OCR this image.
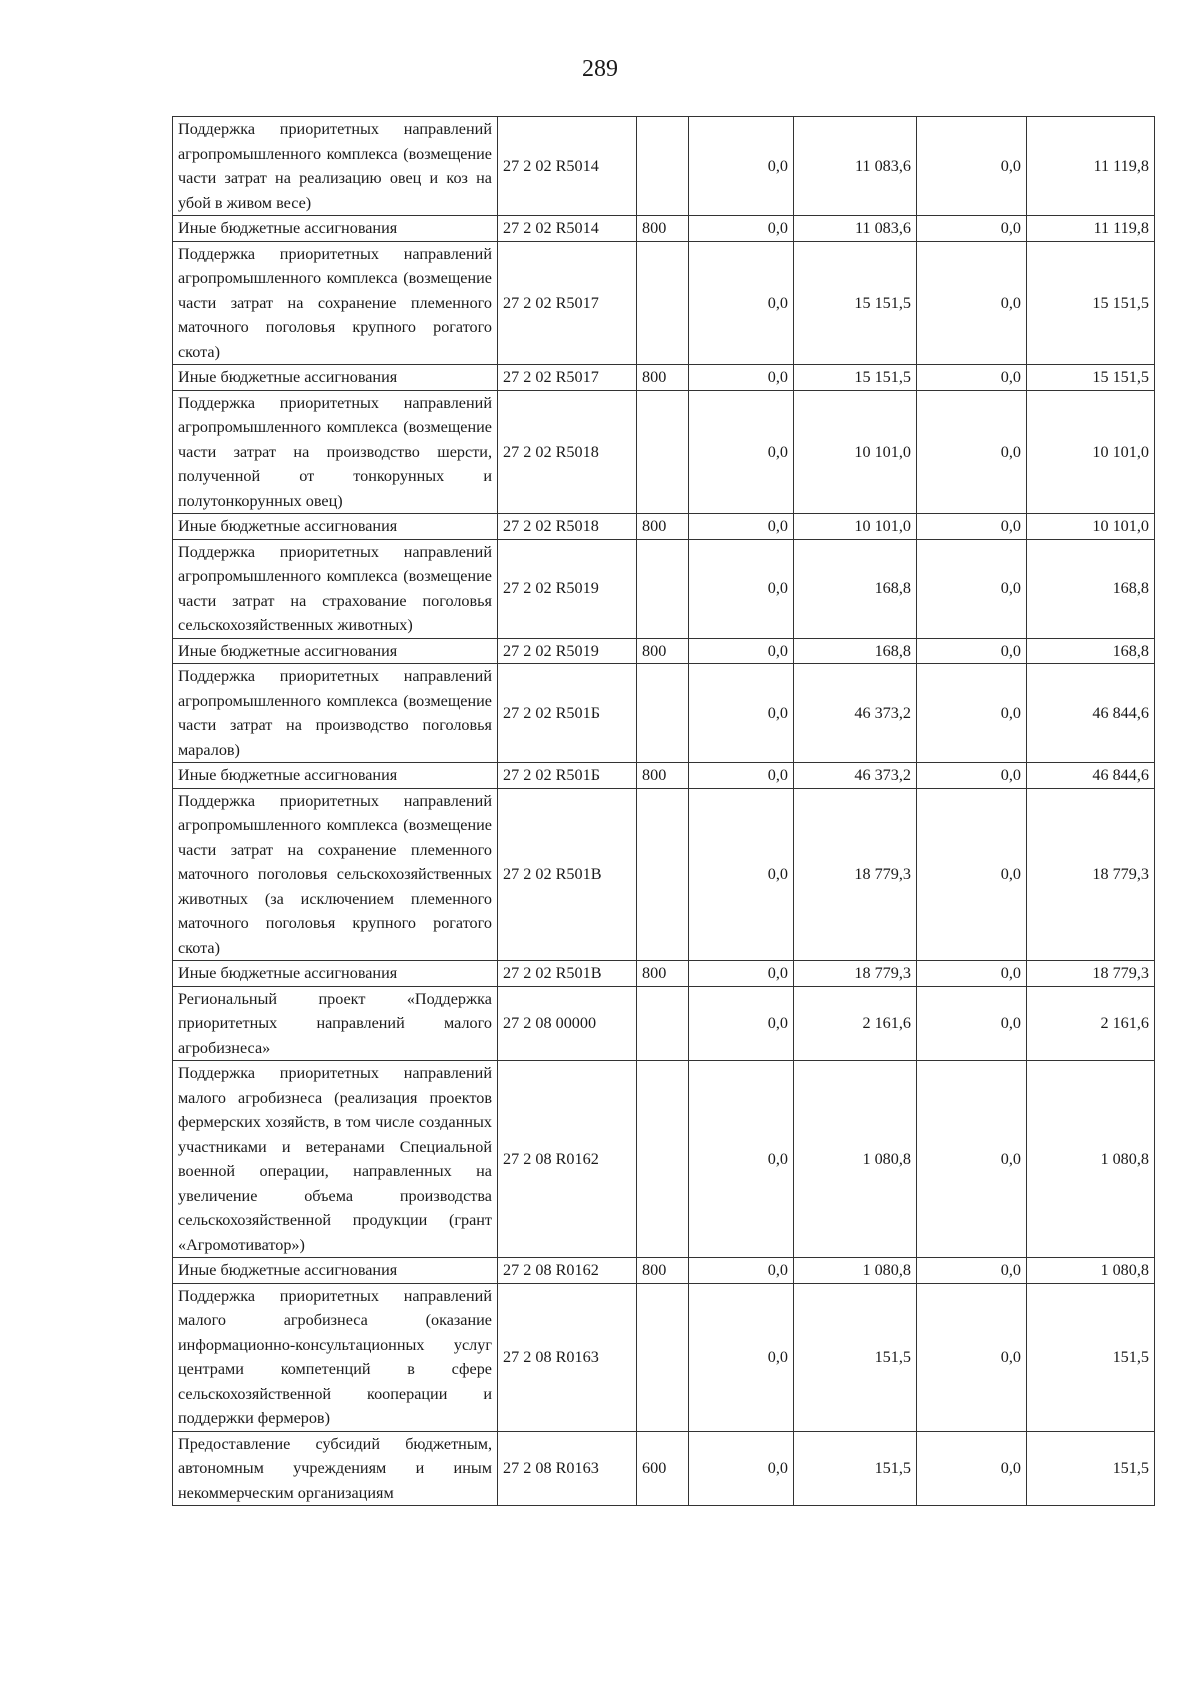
289
Поддержка приоритетных направлений агропромышленного комплекса (возмещение части затрат на реализацию овец и коз на убой в живом весе)	27 2 02 R5014		0,0	11 083,6	0,0	11 119,8
Иные бюджетные ассигнования	27 2 02 R5014	800	0,0	11 083,6	0,0	11 119,8
Поддержка приоритетных направлений агропромышленного комплекса (возмещение части затрат на сохранение племенного маточного поголовья крупного рогатого скота)	27 2 02 R5017		0,0	15 151,5	0,0	15 151,5
Иные бюджетные ассигнования	27 2 02 R5017	800	0,0	15 151,5	0,0	15 151,5
Поддержка приоритетных направлений агропромышленного комплекса (возмещение части затрат на производство шерсти, полученной от тонкорунных и полутонкорунных овец)	27 2 02 R5018		0,0	10 101,0	0,0	10 101,0
Иные бюджетные ассигнования	27 2 02 R5018	800	0,0	10 101,0	0,0	10 101,0
Поддержка приоритетных направлений агропромышленного комплекса (возмещение части затрат на страхование поголовья сельскохозяйственных животных)	27 2 02 R5019		0,0	168,8	0,0	168,8
Иные бюджетные ассигнования	27 2 02 R5019	800	0,0	168,8	0,0	168,8
Поддержка приоритетных направлений агропромышленного комплекса (возмещение части затрат на производство поголовья маралов)	27 2 02 R501Б		0,0	46 373,2	0,0	46 844,6
Иные бюджетные ассигнования	27 2 02 R501Б	800	0,0	46 373,2	0,0	46 844,6
Поддержка приоритетных направлений агропромышленного комплекса (возмещение части затрат на сохранение племенного маточного поголовья сельскохозяйственных животных (за исключением племенного маточного поголовья крупного рогатого скота)	27 2 02 R501В		0,0	18 779,3	0,0	18 779,3
Иные бюджетные ассигнования	27 2 02 R501В	800	0,0	18 779,3	0,0	18 779,3
Региональный проект «Поддержка приоритетных направлений малого агробизнеса»	27 2 08 00000		0,0	2 161,6	0,0	2 161,6
Поддержка приоритетных направлений малого агробизнеса (реализация проектов фермерских хозяйств, в том числе созданных участниками и ветеранами Специальной военной операции, направленных на увеличение объема производства сельскохозяйственной продукции (грант «Агромотиватор»)	27 2 08 R0162		0,0	1 080,8	0,0	1 080,8
Иные бюджетные ассигнования	27 2 08 R0162	800	0,0	1 080,8	0,0	1 080,8
Поддержка приоритетных направлений малого агробизнеса (оказание информационно-консультационных услуг центрами компетенций в сфере сельскохозяйственной кооперации и поддержки фермеров)	27 2 08 R0163		0,0	151,5	0,0	151,5
Предоставление субсидий бюджетным, автономным учреждениям и иным некоммерческим организациям	27 2 08 R0163	600	0,0	151,5	0,0	151,5
